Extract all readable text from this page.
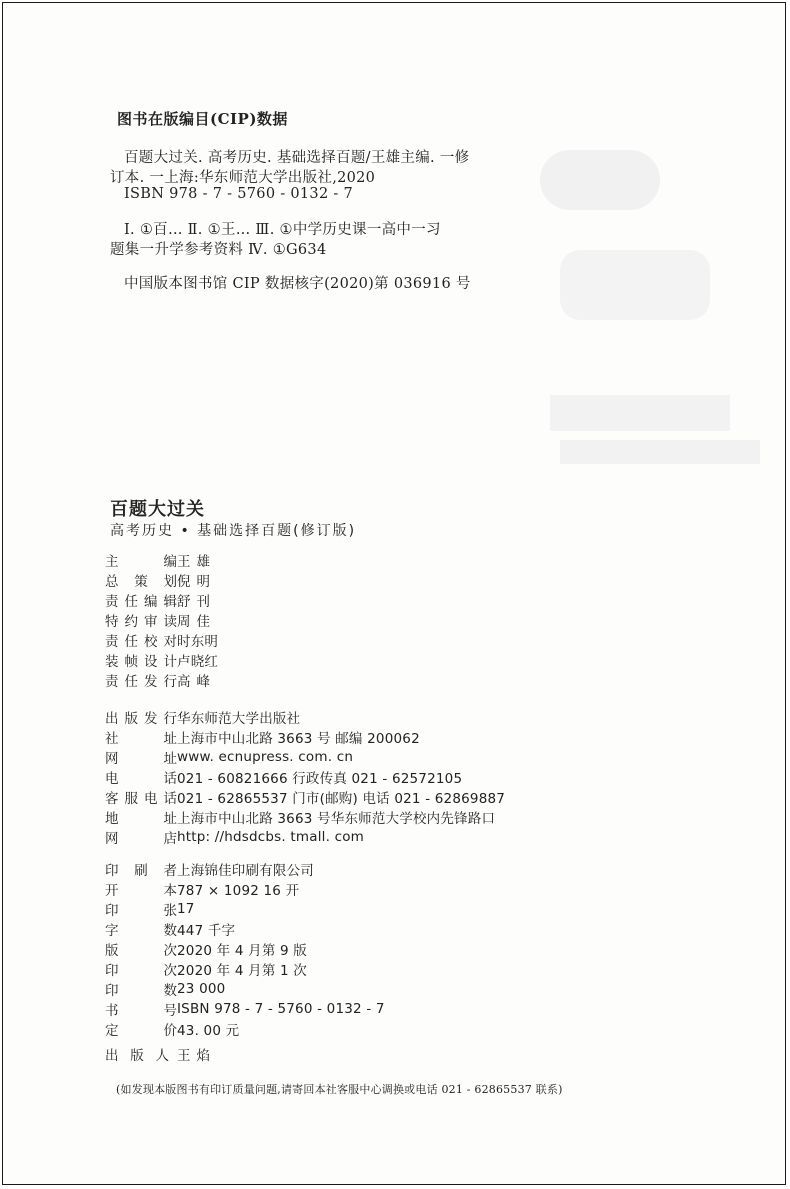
图书在版编目(CIP)数据
百题大过关. 高考历史. 基础选择百题/王雄主编. 一修
订本. 一上海:华东师范大学出版社,2020
ISBN 978 - 7 - 5760 - 0132 - 7
Ⅰ. ①百… Ⅱ. ①王… Ⅲ. ①中学历史课一高中一习
题集一升学参考资料 Ⅳ. ①G634
中国版本图书馆 CIP 数据核字(2020)第 036916 号
百题大过关
高考历史 • 基础选择百题(修订版)
主编 王雄
总策划 倪明
责任编辑 舒刊
特约审读 周佳
责任校对 时东明
装帧设计 卢晓红
责任发行 高峰
出版发行 华东师范大学出版社
社址 上海市中山北路 3663 号 邮编 200062
网址 www. ecnupress. com. cn
电话 021 - 60821666 行政传真 021 - 62572105
客服电话 021 - 62865537 门市(邮购) 电话 021 - 62869887
地址 上海市中山北路 3663 号华东师范大学校内先锋路口
网店 http: //hdsdcbs. tmall. com
印刷者 上海锦佳印刷有限公司
开本 787 × 1092 16 开
印张 17
字数 447 千字
版次 2020 年 4 月第 9 版
印次 2020 年 4 月第 1 次
印数 23 000
书号 ISBN 978 - 7 - 5760 - 0132 - 7
定价 43. 00 元
出版人 王焰
(如发现本版图书有印订质量问题,请寄回本社客服中心调换或电话 021 - 62865537 联系)
